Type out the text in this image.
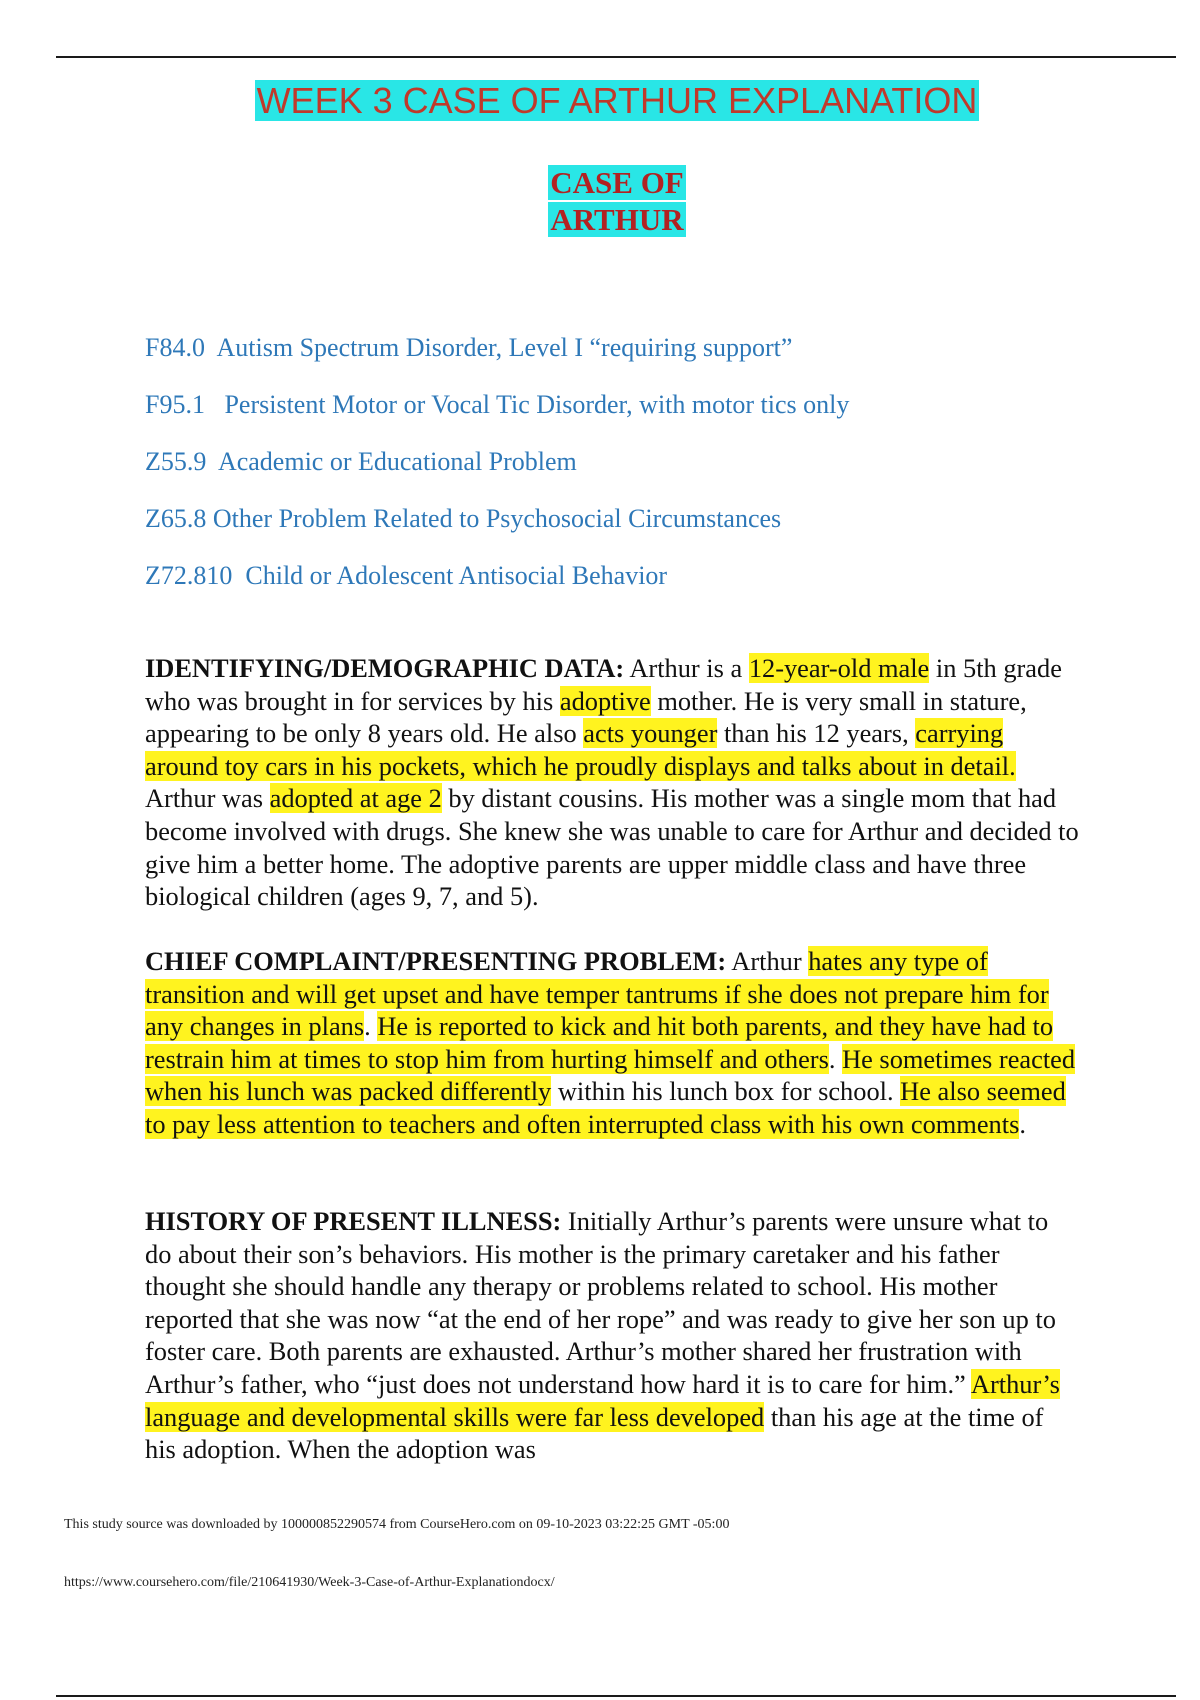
WEEK 3 CASE OF ARTHUR EXPLANATION
CASE OF
ARTHUR
F84.0  Autism Spectrum Disorder, Level I “requiring support”
F95.1   Persistent Motor or Vocal Tic Disorder, with motor tics only
Z55.9  Academic or Educational Problem
Z65.8 Other Problem Related to Psychosocial Circumstances
Z72.810  Child or Adolescent Antisocial Behavior

IDENTIFYING/DEMOGRAPHIC DATA: Arthur is a 12-year-old male in 5th grade who was brought in for services by his adoptive mother. He is very small in stature, appearing to be only 8 years old. He also acts younger than his 12 years, carrying around toy cars in his pockets, which he proudly displays and talks about in detail. Arthur was adopted at age 2 by distant cousins. His mother was a single mom that had become involved with drugs. She knew she was unable to care for Arthur and decided to give him a better home. The adoptive parents are upper middle class and have three biological children (ages 9, 7, and 5).

CHIEF COMPLAINT/PRESENTING PROBLEM: Arthur hates any type of transition and will get upset and have temper tantrums if she does not prepare him for any changes in plans. He is reported to kick and hit both parents, and they have had to restrain him at times to stop him from hurting himself and others. He sometimes reacted when his lunch was packed differently within his lunch box for school. He also seemed to pay less attention to teachers and often interrupted class with his own comments.

HISTORY OF PRESENT ILLNESS: Initially Arthur’s parents were unsure what to do about their son’s behaviors. His mother is the primary caretaker and his father thought she should handle any therapy or problems related to school. His mother reported that she was now “at the end of her rope” and was ready to give her son up to foster care. Both parents are exhausted. Arthur’s mother shared her frustration with Arthur’s father, who “just does not understand how hard it is to care for him.” Arthur’s language and developmental skills were far less developed than his age at the time of his adoption. When the adoption was

This study source was downloaded by 100000852290574 from CourseHero.com on 09-10-2023 03:22:25 GMT -05:00
https://www.coursehero.com/file/210641930/Week-3-Case-of-Arthur-Explanationdocx/
